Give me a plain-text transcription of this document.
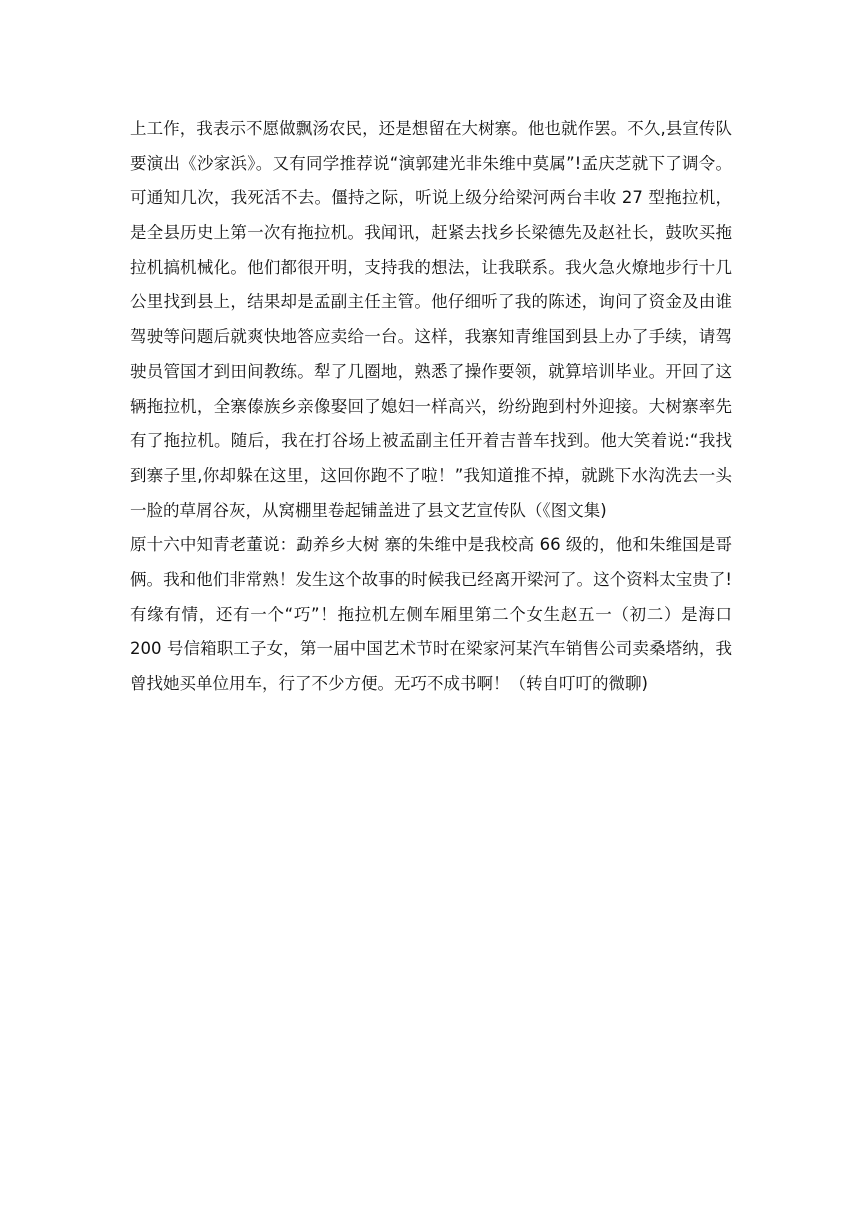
上工作，我表示不愿做飘汤农民，还是想留在大树寨。他也就作罢。不久,县宣传队
要演出《沙家浜》。又有同学推荐说“演郭建光非朱维中莫属”!孟庆芝就下了调令。
可通知几次，我死活不去。僵持之际，听说上级分给梁河两台丰收 27 型拖拉机，
是全县历史上第一次有拖拉机。我闻讯，赶紧去找乡长梁德先及赵社长，鼓吹买拖
拉机搞机械化。他们都很开明，支持我的想法，让我联系。我火急火燎地步行十几
公里找到县上，结果却是孟副主任主管。他仔细听了我的陈述，询问了资金及由谁
驾驶等问题后就爽快地答应卖给一台。这样，我寨知青维国到县上办了手续，请驾
驶员管国才到田间教练。犁了几圈地，熟悉了操作要领，就算培训毕业。开回了这
辆拖拉机，全寨傣族乡亲像娶回了媳妇一样高兴，纷纷跑到村外迎接。大树寨率先
有了拖拉机。随后，我在打谷场上被孟副主任开着吉普车找到。他大笑着说:“我找
到寨子里,你却躲在这里，这回你跑不了啦！”我知道推不掉，就跳下水沟洗去一头
一脸的草屑谷灰，从窝棚里卷起铺盖进了县文艺宣传队（《图文集)
原十六中知青老董说：勐养乡大树 寨的朱维中是我校高 66 级的，他和朱维国是哥
俩。我和他们非常熟！发生这个故事的时候我已经离开梁河了。这个资料太宝贵了!
有缘有情，还有一个“巧”！拖拉机左侧车厢里第二个女生赵五一（初二）是海口
200 号信箱职工子女，第一届中国艺术节时在梁家河某汽车销售公司卖桑塔纳，我
曾找她买单位用车，行了不少方便。无巧不成书啊！（转自叮叮的微聊)
